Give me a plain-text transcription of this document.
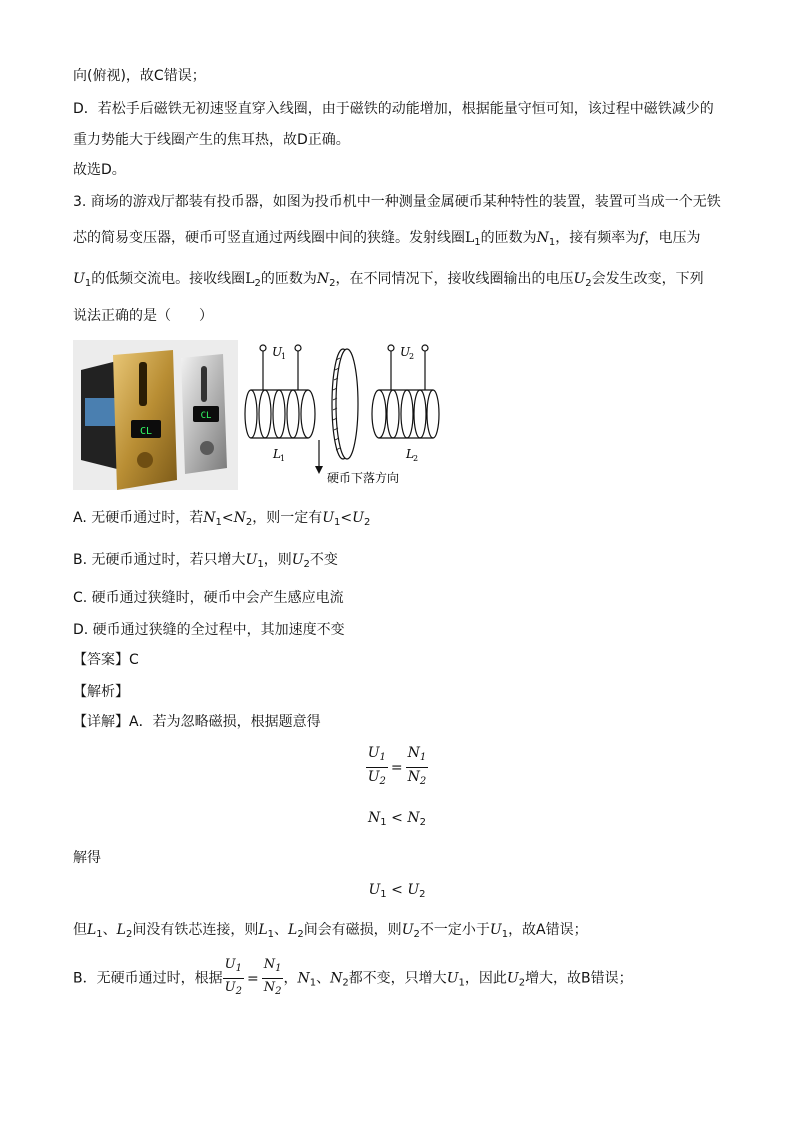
向(俯视)，故C错误；
D．若松手后磁铁无初速竖直穿入线圈，由于磁铁的动能增加，根据能量守恒可知，该过程中磁铁减少的
重力势能大于线圈产生的焦耳热，故D正确。
故选D。
3. 商场的游戏厅都装有投币器，如图为投币机中一种测量金属硬币某种特性的装置，装置可当成一个无铁
芯的简易变压器，硬币可竖直通过两线圈中间的狭缝。发射线圈$L_1$的匝数为$N_1$，接有频率为f，电压为
$U_1$的低频交流电。接收线圈$L_2$的匝数为$N_2$，在不同情况下，接收线圈输出的电压$U_2$会发生改变，下列
说法正确的是（　　）
CL
CL
U
1
L 1
硬币下落方向
U
2
L 2
A. 无硬币通过时，若$N_1<N_2$，则一定有$U_1<U_2$
B. 无硬币通过时，若只增大$U_1$，则$U_2$不变
C. 硬币通过狭缝时，硬币中会产生感应电流
D. 硬币通过狭缝的全过程中，其加速度不变
【答案】C
【解析】
【详解】A．若为忽略磁损，根据题意得
$\frac{U_1}{U_2} = \frac{N_1}{N_2}$
$N_1 < N_2$
解得
$U_1 < U_2$
但$L_1$、$L_2$间没有铁芯连接，则$L_1$、$L_2$间会有磁损，则$U_2$不一定小于$U_1$，故A错误；
B．无硬币通过时，根据 $\frac{U_1}{U_2} = \frac{N_1}{N_2}$ ，$N_1$、$N_2$都不变，只增大$U_1$，因此$U_2$增大，故B错误；
